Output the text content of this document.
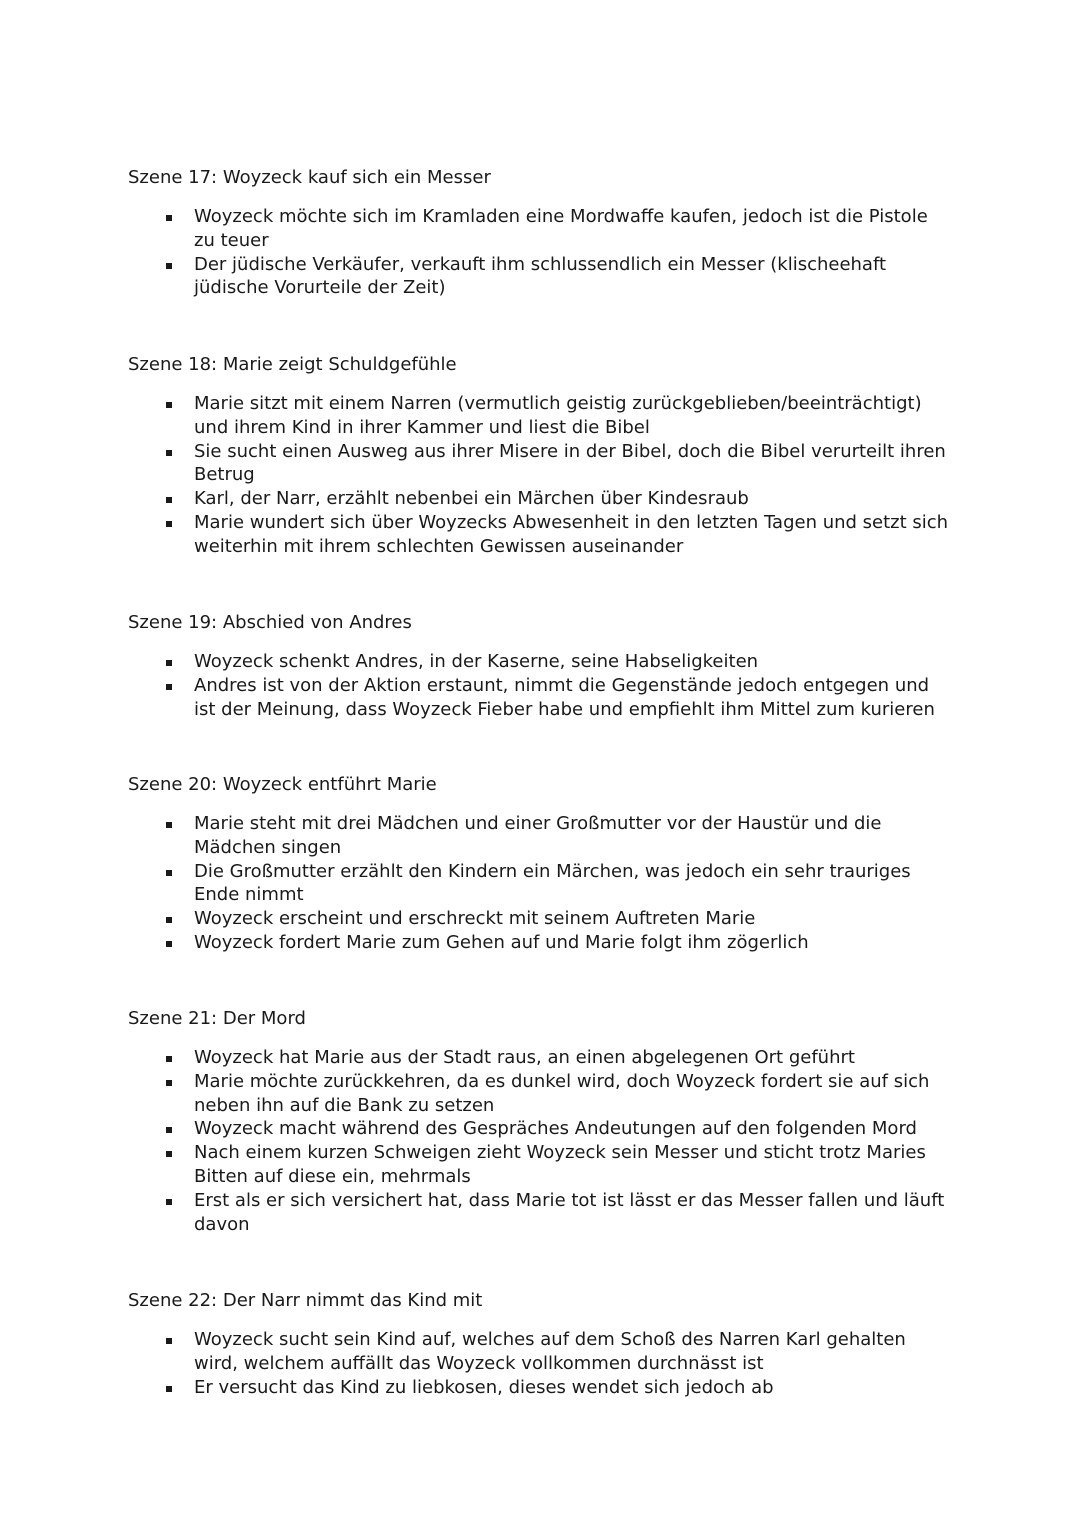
Szene 17: Woyzeck kauf sich ein Messer
Woyzeck möchte sich im Kramladen eine Mordwaffe kaufen, jedoch ist die Pistole zu teuer
Der jüdische Verkäufer, verkauft ihm schlussendlich ein Messer (klischeehaft jüdische Vorurteile der Zeit)
Szene 18: Marie zeigt Schuldgefühle
Marie sitzt mit einem Narren (vermutlich geistig zurückgeblieben/beeinträchtigt) und ihrem Kind in ihrer Kammer und liest die Bibel
Sie sucht einen Ausweg aus ihrer Misere in der Bibel, doch die Bibel verurteilt ihren Betrug
Karl, der Narr, erzählt nebenbei ein Märchen über Kindesraub
Marie wundert sich über Woyzecks Abwesenheit in den letzten Tagen und setzt sich weiterhin mit ihrem schlechten Gewissen auseinander
Szene 19: Abschied von Andres
Woyzeck schenkt Andres, in der Kaserne, seine Habseligkeiten
Andres ist von der Aktion erstaunt, nimmt die Gegenstände jedoch entgegen und ist der Meinung, dass Woyzeck Fieber habe und empfiehlt ihm Mittel zum kurieren
Szene 20: Woyzeck entführt Marie
Marie steht mit drei Mädchen und einer Großmutter vor der Haustür und die Mädchen singen
Die Großmutter erzählt den Kindern ein Märchen, was jedoch ein sehr trauriges Ende nimmt
Woyzeck erscheint und erschreckt mit seinem Auftreten Marie
Woyzeck fordert Marie zum Gehen auf und Marie folgt ihm zögerlich
Szene 21: Der Mord
Woyzeck hat Marie aus der Stadt raus, an einen abgelegenen Ort geführt
Marie möchte zurückkehren, da es dunkel wird, doch Woyzeck fordert sie auf sich neben ihn auf die Bank zu setzen
Woyzeck macht während des Gespräches Andeutungen auf den folgenden Mord
Nach einem kurzen Schweigen zieht Woyzeck sein Messer und sticht trotz Maries Bitten auf diese ein, mehrmals
Erst als er sich versichert hat, dass Marie tot ist lässt er das Messer fallen und läuft davon
Szene 22: Der Narr nimmt das Kind mit
Woyzeck sucht sein Kind auf, welches auf dem Schoß des Narren Karl gehalten wird, welchem auffällt das Woyzeck vollkommen durchnässt ist
Er versucht das Kind zu liebkosen, dieses wendet sich jedoch ab
